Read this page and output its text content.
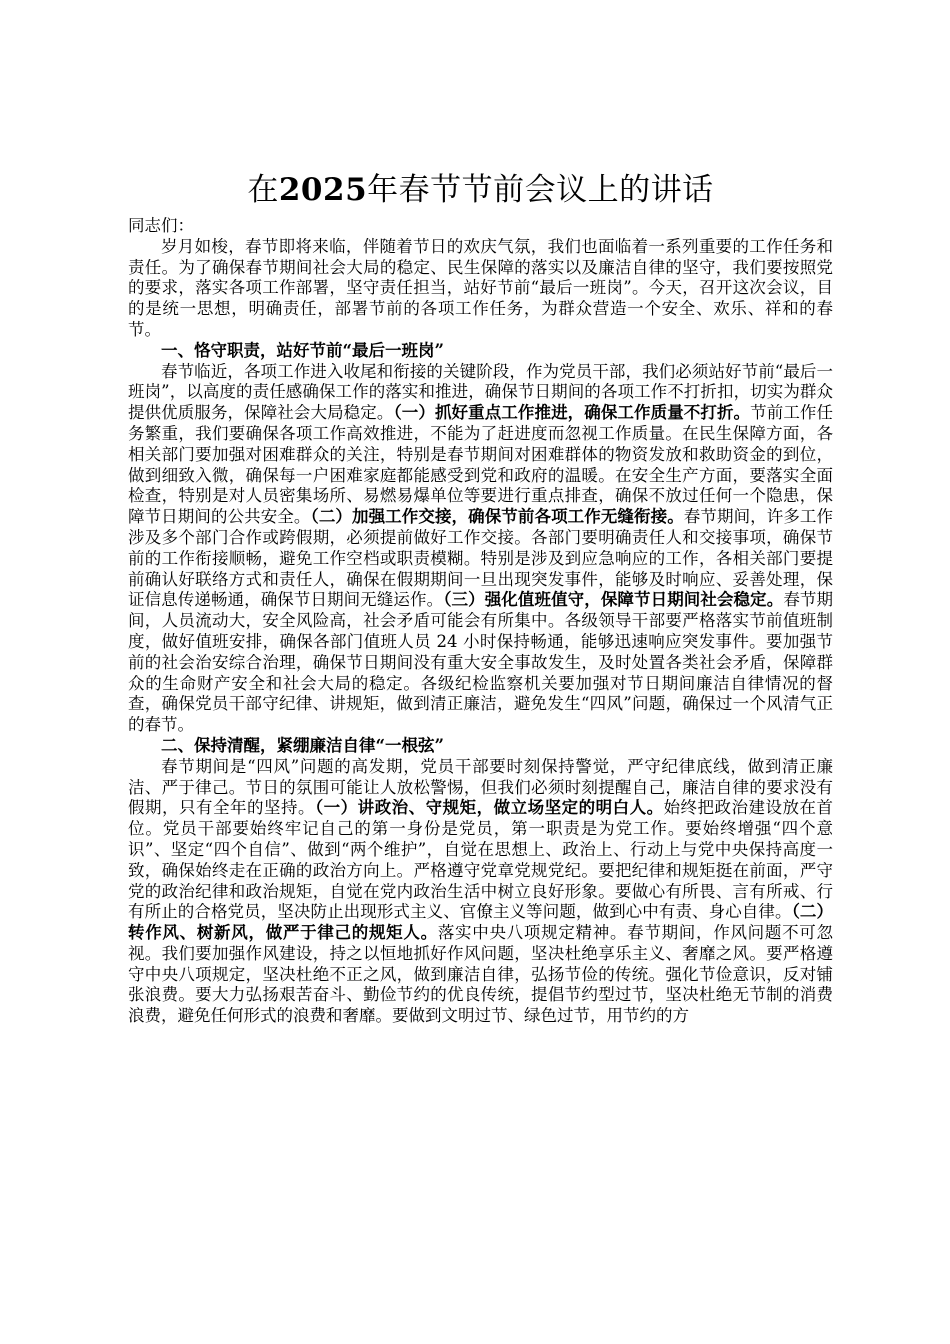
在2025年春节节前会议上的讲话

同志们：

岁月如梭，春节即将来临，伴随着节日的欢庆气氛，我们也面临着一系列重要的工作任务和责任。为了确保春节期间社会大局的稳定、民生保障的落实以及廉洁自律的坚守，我们要按照党的要求，落实各项工作部署，坚守责任担当，站好节前“最后一班岗”。今天，召开这次会议，目的是统一思想，明确责任，部署节前的各项工作任务，为群众营造一个安全、欢乐、祥和的春节。

一、恪守职责，站好节前“最后一班岗”

春节临近，各项工作进入收尾和衔接的关键阶段，作为党员干部，我们必须站好节前“最后一班岗”，以高度的责任感确保工作的落实和推进，确保节日期间的各项工作不打折扣，切实为群众提供优质服务，保障社会大局稳定。（一）抓好重点工作推进，确保工作质量不打折。节前工作任务繁重，我们要确保各项工作高效推进，不能为了赶进度而忽视工作质量。在民生保障方面，各相关部门要加强对困难群众的关注，特别是春节期间对困难群体的物资发放和救助资金的到位，做到细致入微，确保每一户困难家庭都能感受到党和政府的温暖。在安全生产方面，要落实全面检查，特别是对人员密集场所、易燃易爆单位等要进行重点排查，确保不放过任何一个隐患，保障节日期间的公共安全。（二）加强工作交接，确保节前各项工作无缝衔接。春节期间，许多工作涉及多个部门合作或跨假期，必须提前做好工作交接。各部门要明确责任人和交接事项，确保节前的工作衔接顺畅，避免工作空档或职责模糊。特别是涉及到应急响应的工作，各相关部门要提前确认好联络方式和责任人，确保在假期期间一旦出现突发事件，能够及时响应、妥善处理，保证信息传递畅通，确保节日期间无缝运作。（三）强化值班值守，保障节日期间社会稳定。春节期间，人员流动大，安全风险高，社会矛盾可能会有所集中。各级领导干部要严格落实节前值班制度，做好值班安排，确保各部门值班人员 24 小时保持畅通，能够迅速响应突发事件。要加强节前的社会治安综合治理，确保节日期间没有重大安全事故发生，及时处置各类社会矛盾，保障群众的生命财产安全和社会大局的稳定。各级纪检监察机关要加强对节日期间廉洁自律情况的督查，确保党员干部守纪律、讲规矩，做到清正廉洁，避免发生“四风”问题，确保过一个风清气正的春节。

二、保持清醒，紧绷廉洁自律“一根弦”

春节期间是“四风”问题的高发期，党员干部要时刻保持警觉，严守纪律底线，做到清正廉洁、严于律己。节日的氛围可能让人放松警惕，但我们必须时刻提醒自己，廉洁自律的要求没有假期，只有全年的坚持。（一）讲政治、守规矩，做立场坚定的明白人。始终把政治建设放在首位。党员干部要始终牢记自己的第一身份是党员，第一职责是为党工作。要始终增强“四个意识”、坚定“四个自信”、做到“两个维护”，自觉在思想上、政治上、行动上与党中央保持高度一致，确保始终走在正确的政治方向上。严格遵守党章党规党纪。要把纪律和规矩挺在前面，严守党的政治纪律和政治规矩，自觉在党内政治生活中树立良好形象。要做心有所畏、言有所戒、行有所止的合格党员，坚决防止出现形式主义、官僚主义等问题，做到心中有责、身心自律。（二）转作风、树新风，做严于律己的规矩人。落实中央八项规定精神。春节期间，作风问题不可忽视。我们要加强作风建设，持之以恒地抓好作风问题，坚决杜绝享乐主义、奢靡之风。要严格遵守中央八项规定，坚决杜绝不正之风，做到廉洁自律，弘扬节俭的传统。强化节俭意识，反对铺张浪费。要大力弘扬艰苦奋斗、勤俭节约的优良传统，提倡节约型过节，坚决杜绝无节制的消费浪费，避免任何形式的浪费和奢靡。要做到文明过节、绿色过节，用节约的方
